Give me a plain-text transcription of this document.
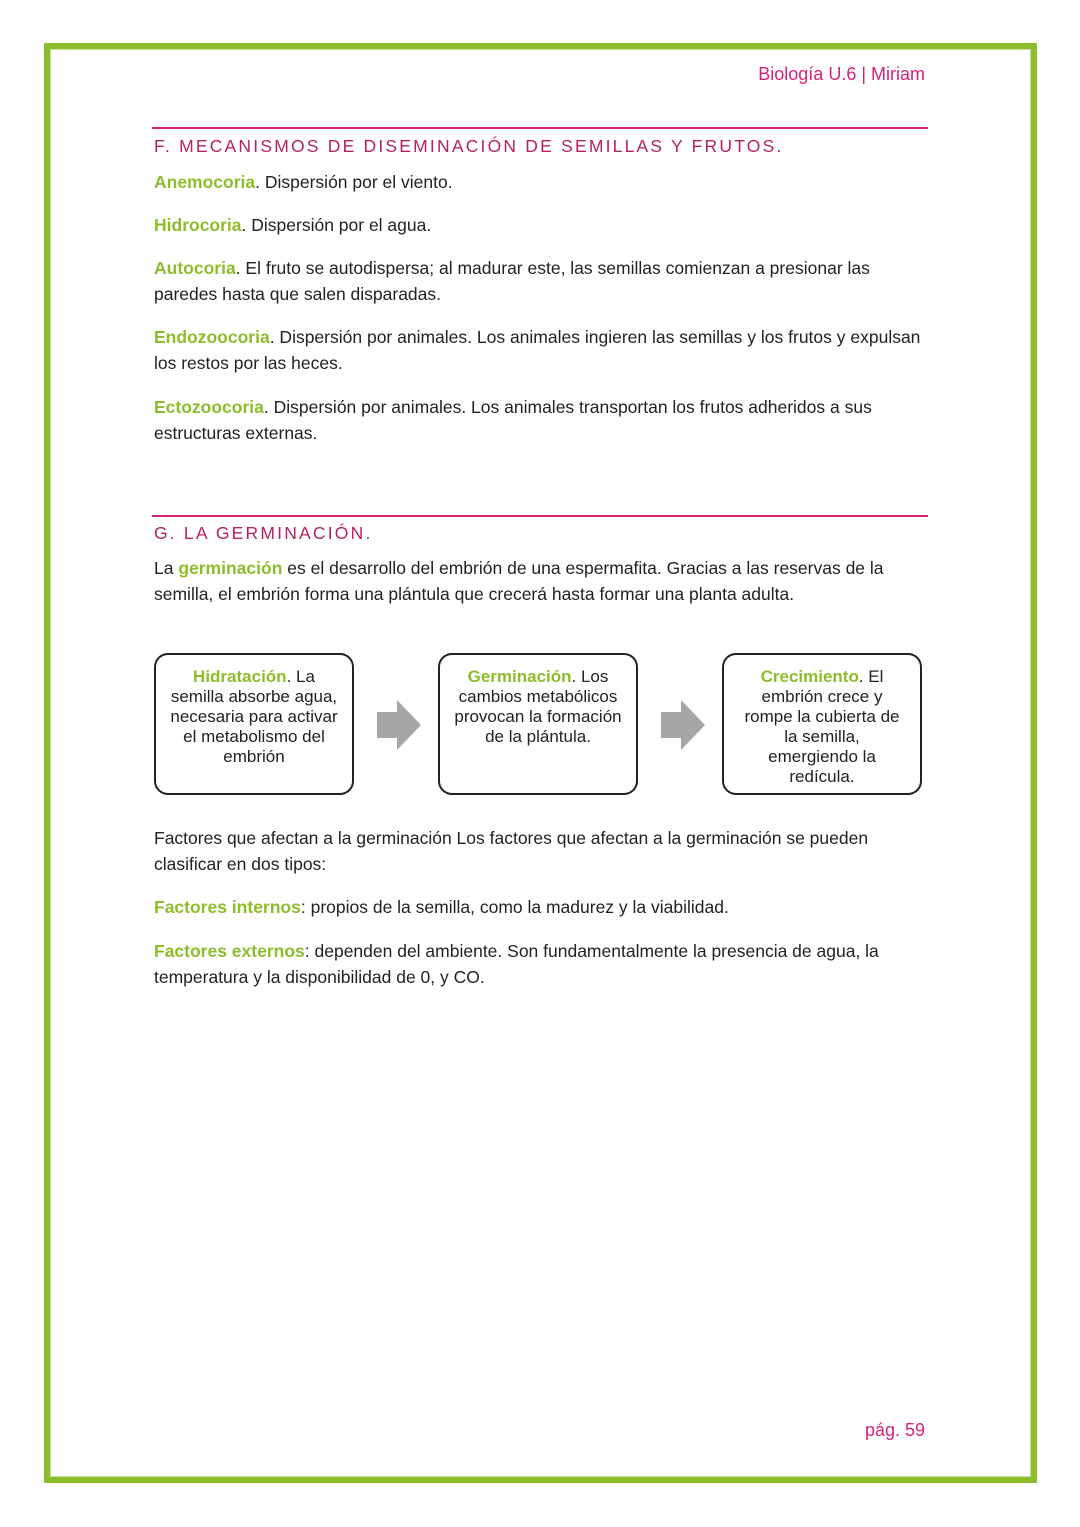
Biología U.6 | Miriam
F. MECANISMOS DE DISEMINACIÓN DE SEMILLAS Y FRUTOS.

Anemocoria. Dispersión por el viento.

Hidrocoria. Dispersión por el agua.

Autocoria. El fruto se autodispersa; al madurar este, las semillas comienzan a presionar las paredes hasta que salen disparadas.

Endozoocoria. Dispersión por animales. Los animales ingieren las semillas y los frutos y expulsan los restos por las heces.

Ectozoocoria. Dispersión por animales. Los animales transportan los frutos adheridos a sus estructuras externas.

G. LA GERMINACIÓN.

La germinación es el desarrollo del embrión de una espermafita. Gracias a las reservas de la semilla, el embrión forma una plántula que crecerá hasta formar una planta adulta.

Hidratación. La semilla absorbe agua, necesaria para activar el metabolismo del embrión
Germinación. Los cambios metabólicos provocan la formación de la plántula.
Crecimiento. El embrión crece y rompe la cubierta de la semilla, emergiendo la redícula.

Factores que afectan a la germinación Los factores que afectan a la germinación se pueden clasificar en dos tipos:

Factores internos: propios de la semilla, como la madurez y la viabilidad.

Factores externos: dependen del ambiente. Son fundamentalmente la presencia de agua, la temperatura y la disponibilidad de 0, y CO.

pág. 59
